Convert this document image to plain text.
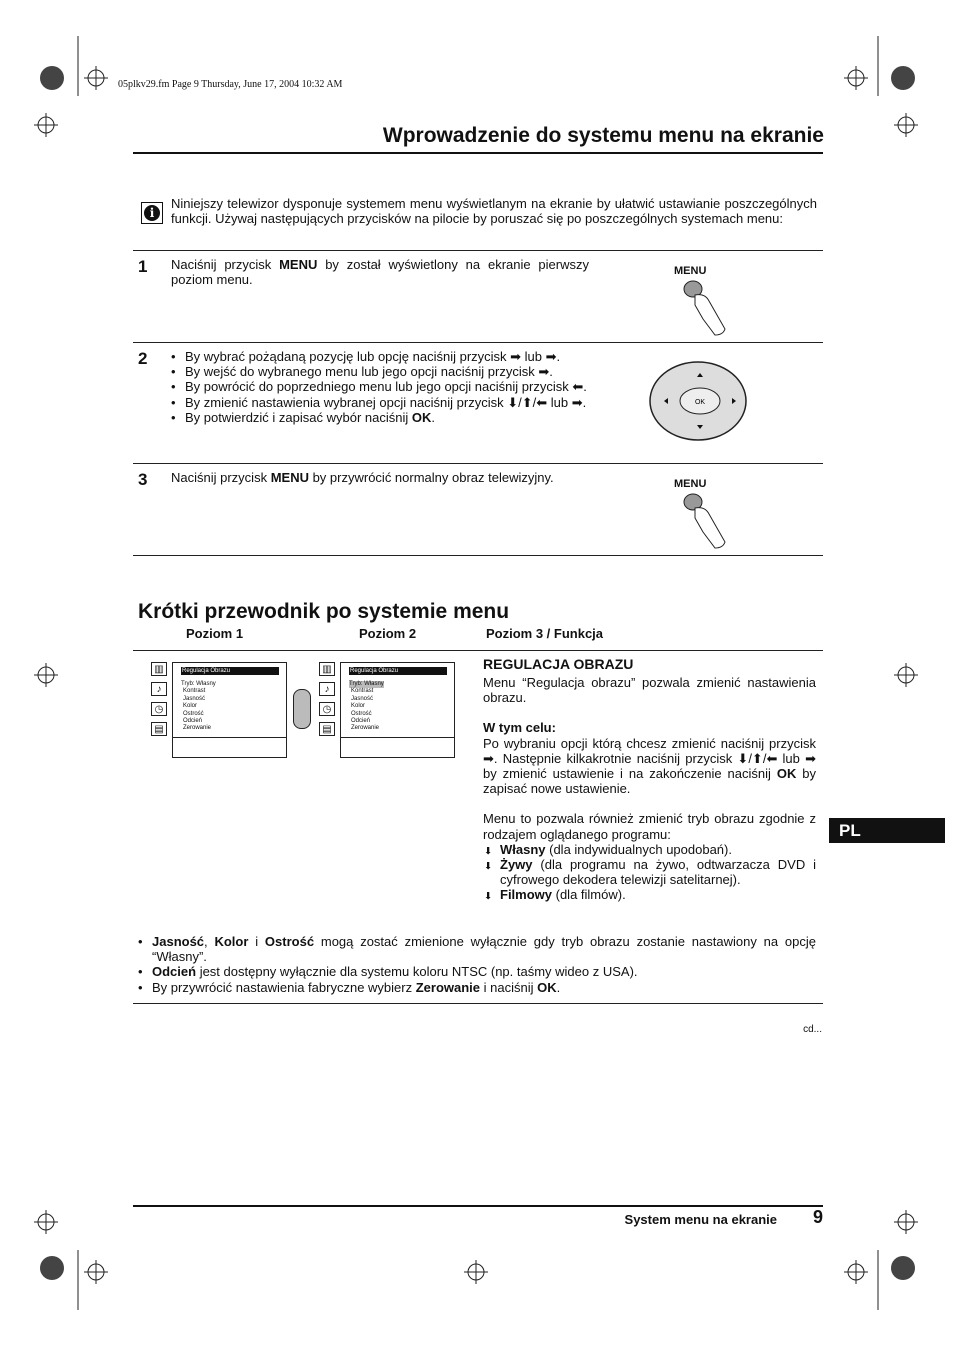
05plkv29.fm Page 9 Thursday, June 17, 2004 10:32 AM
Wprowadzenie do systemu menu na ekranie
i
Niniejszy telewizor dysponuje systemem menu wyświetlanym na ekranie by ułatwić ustawianie poszczególnych funkcji. Używaj następujących przycisków na pilocie by poruszać się po poszczególnych systemach menu:
1 Naciśnij przycisk MENU by został wyświetlony na ekranie pierwszy poziom menu.
MENU
2
•	By wybrać pożądaną pozycję lub opcję naciśnij przycisk ➡ lub ➡.
• By wejść do wybranego menu lub jego opcji naciśnij przycisk ➡.
• By powrócić do poprzedniego menu lub jego opcji naciśnij przycisk ⬅.
• By zmienić nastawienia wybranej opcji naciśnij przycisk ⬇/⬆/⬅ lub ➡.
• By potwierdzić i zapisać wybór naciśnij OK.
OK
3 Naciśnij przycisk MENU by przywrócić normalny obraz telewizyjny.	MENU
Krótki przewodnik po systemie menu
Poziom 1	Poziom 2	Poziom 3 / Funkcja
▥
♪
◷
▤
Regulacja Obrazu
Tryb: Własny
Kontrast
Jasność
Kolor
Ostrość
Odcień
Zerowanie
▥
♪
◷
▤
Regulacja Obrazu
Tryb: Własny
Kontrast
Jasność
Kolor
Ostrość
Odcień
Zerowanie
REGULACJA OBRAZU
Menu “Regulacja obrazu” pozwala zmienić nastawienia obrazu.
W tym celu:
Po wybraniu opcji którą chcesz zmienić naciśnij przycisk ➡. Następnie kilkakrotnie naciśnij przycisk ⬇/⬆/⬅ lub ➡ by zmienić ustawienie i na zakończenie naciśnij OK by zapisać nowe ustawienie.
Menu to pozwala również zmienić tryb obrazu zgodnie z rodzajem oglądanego programu:
➡ Własny (dla indywidualnych upodobań).
➡ Żywy (dla programu na żywo, odtwarzacza DVD i cyfrowego dekodera telewizji satelitarnej).
➡ Filmowy (dla filmów).
PL
• Jasność, Kolor i Ostrość mogą zostać zmienione wyłącznie gdy tryb obrazu zostanie nastawiony na opcję “Własny”.
• Odcień jest dostępny wyłącznie dla systemu koloru NTSC (np. taśmy wideo z USA).
• By przywrócić nastawienia fabryczne wybierz Zerowanie i naciśnij OK.
cd...
System menu na ekranie 9
